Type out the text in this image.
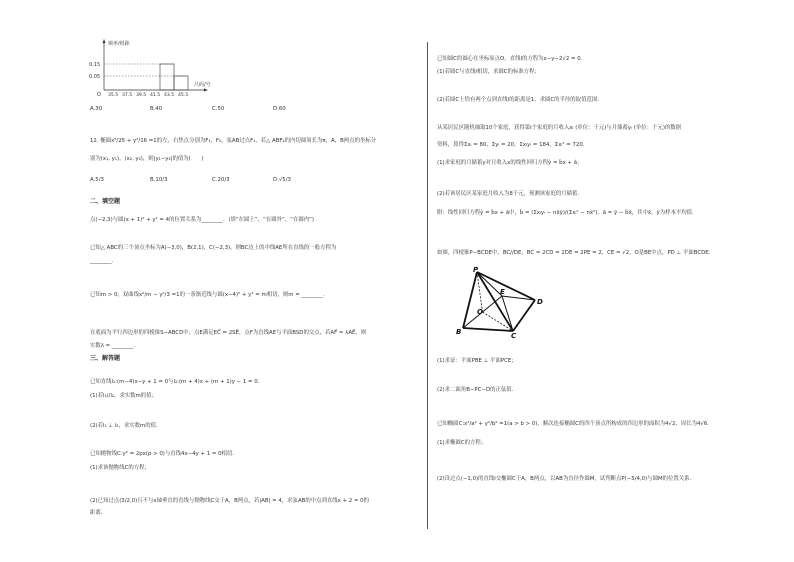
频率/组距
尺码/号
0.15
0.05
O 35.5 37.5 39.5 41.5 43.5 45.5
A.30	B.40	C.50	D.60
12. 椭圆x²/25 + y²/16 =1的左、右焦点分别为F₁，F₂，弦AB过点F₁，若△ ABF₂的内切圆周长为π，A，B两点的坐标分
别为(x₁, y₁)，(x₂, y₂)，则|y₁−y₂|的值为(　　)
A.5/3	B.10/3	C.20/3	D.√5/3
二、填空题
点(−2,3)与圆(x + 1)² + y² = 4的位置关系为________．(填“在圆上”、“在圆外”、“在圆内”)
已知△ ABC的三个顶点坐标为A(−3,0)，B(2,1)，C(−2,3)，则BC边上的中线AE所在直线的一般方程为
________．
已知m > 0，双曲线x²/m − y²/3 =1的一条渐近线与圆(x−4)² + y² = m相切，则m = ________．
在底面为平行四边形的四棱锥S−ABCD中，点E满足EC⃗ = 2SE⃗，点F为直线AE与平面BSD的交点，若AF⃗ = λAE⃗，则
实数λ = ________．
三、解答题
已知直线l₁:(m−4)x−y + 1 = 0与l₂:(m + 4)x + (m + 1)y − 1 = 0．
(1)若l₁//l₂，求实数m的值；
(2)若l₁ ⊥ l₂，求实数m的值．
已知抛物线C:y² = 2px(p > 0)与直线4x−4y + 1 = 0相切．
(1)求该抛物线C的方程；
(2)已知过点(3/2,0)且不与x轴垂直的直线与抛物线C交于A，B两点，若|AB| = 4，求弦AB的中点到直线x + 2 = 0的
距离．
已知圆C的圆心在坐标原点O，直线l的方程为x−y−2√2 = 0．
(1)若圆C与直线l相切，求圆C的标准方程；
(2)若圆C上恰有两个点到直线l的距离是1，求圆C的半径的取值范围．
从某居民区随机抽取10个家庭，获得第i个家庭的月收入xᵢ (单位：千元)与月储蓄yᵢ (单位：千元)的数据
资料，算得Σxᵢ = 80，Σyᵢ = 20，Σxᵢyᵢ = 184，Σxᵢ² = 720．
(1)求家庭的月储蓄y对月收入x的线性回归方程ŷ = b̂x + â；
(2)若该居民区某家庭月收入为8千元，预测该家庭的月储蓄．
附：线性回归方程ŷ = b̂x + â中，b̂ = (Σxᵢyᵢ − nx̄ȳ)/(Σxᵢ² − nx̄²)，â = ȳ − b̂x̄，其中x̄，ȳ为样本平均值．
如图，四棱锥P−BCDE中，BC//DE，BC = 2CD = 2DE = 2PE = 2，CE = √2，O是BE中点，PD ⊥ 平面BCDE．
P
E
D
O
B	C
(1)求证：平面PBE ⊥ 平面PCE；
(2)求二面角B−PC−D的正弦值．
已知椭圆C:x²/a² + y²/b² =1(a > b > 0)，顺次连接椭圆C的四个顶点所构成的四边形的面积为4√2，周长为4√6．
(1)求椭圆C的方程；
(2)设过点(−1,0)的直线l交椭圆C于A，B两点，以AB为直径作圆M，试判断点P(−5/4,0)与圆M的位置关系．
